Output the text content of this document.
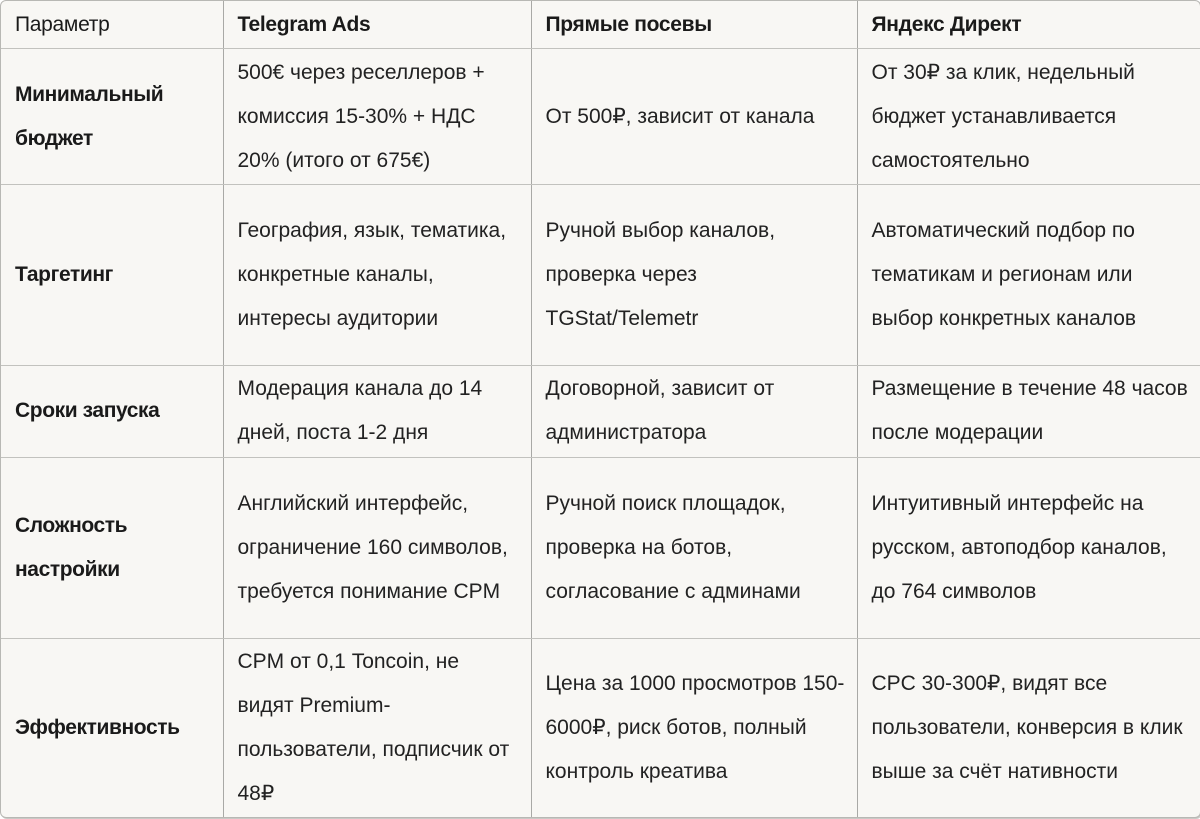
Параметр	Telegram Ads	Прямые посевы	Яндекс Директ
Минимальный бюджет	500€ через реселлеров + комиссия 15-30% + НДС 20% (итого от 675€)	От 500₽, зависит от канала	От 30₽ за клик, недельный бюджет устанавливается самостоятельно
Таргетинг	География, язык, тематика, конкретные каналы, интересы аудитории	Ручной выбор каналов, проверка через TGStat/Telemetr	Автоматический подбор по тематикам и регионам или выбор конкретных каналов
Сроки запуска	Модерация канала до 14 дней, поста 1-2 дня	Договорной, зависит от администратора	Размещение в течение 48 часов после модерации
Сложность настройки	Английский интерфейс, ограничение 160 символов, требуется понимание CPM	Ручной поиск площадок, проверка на ботов, согласование с админами	Интуитивный интерфейс на русском, автоподбор каналов, до 764 символов
Эффективность	CPM от 0,1 Toncoin, не видят Premium-пользователи, подписчик от 48₽	Цена за 1000 просмотров 150-6000₽, риск ботов, полный контроль креатива	CPC 30-300₽, видят все пользователи, конверсия в клик выше за счёт нативности
